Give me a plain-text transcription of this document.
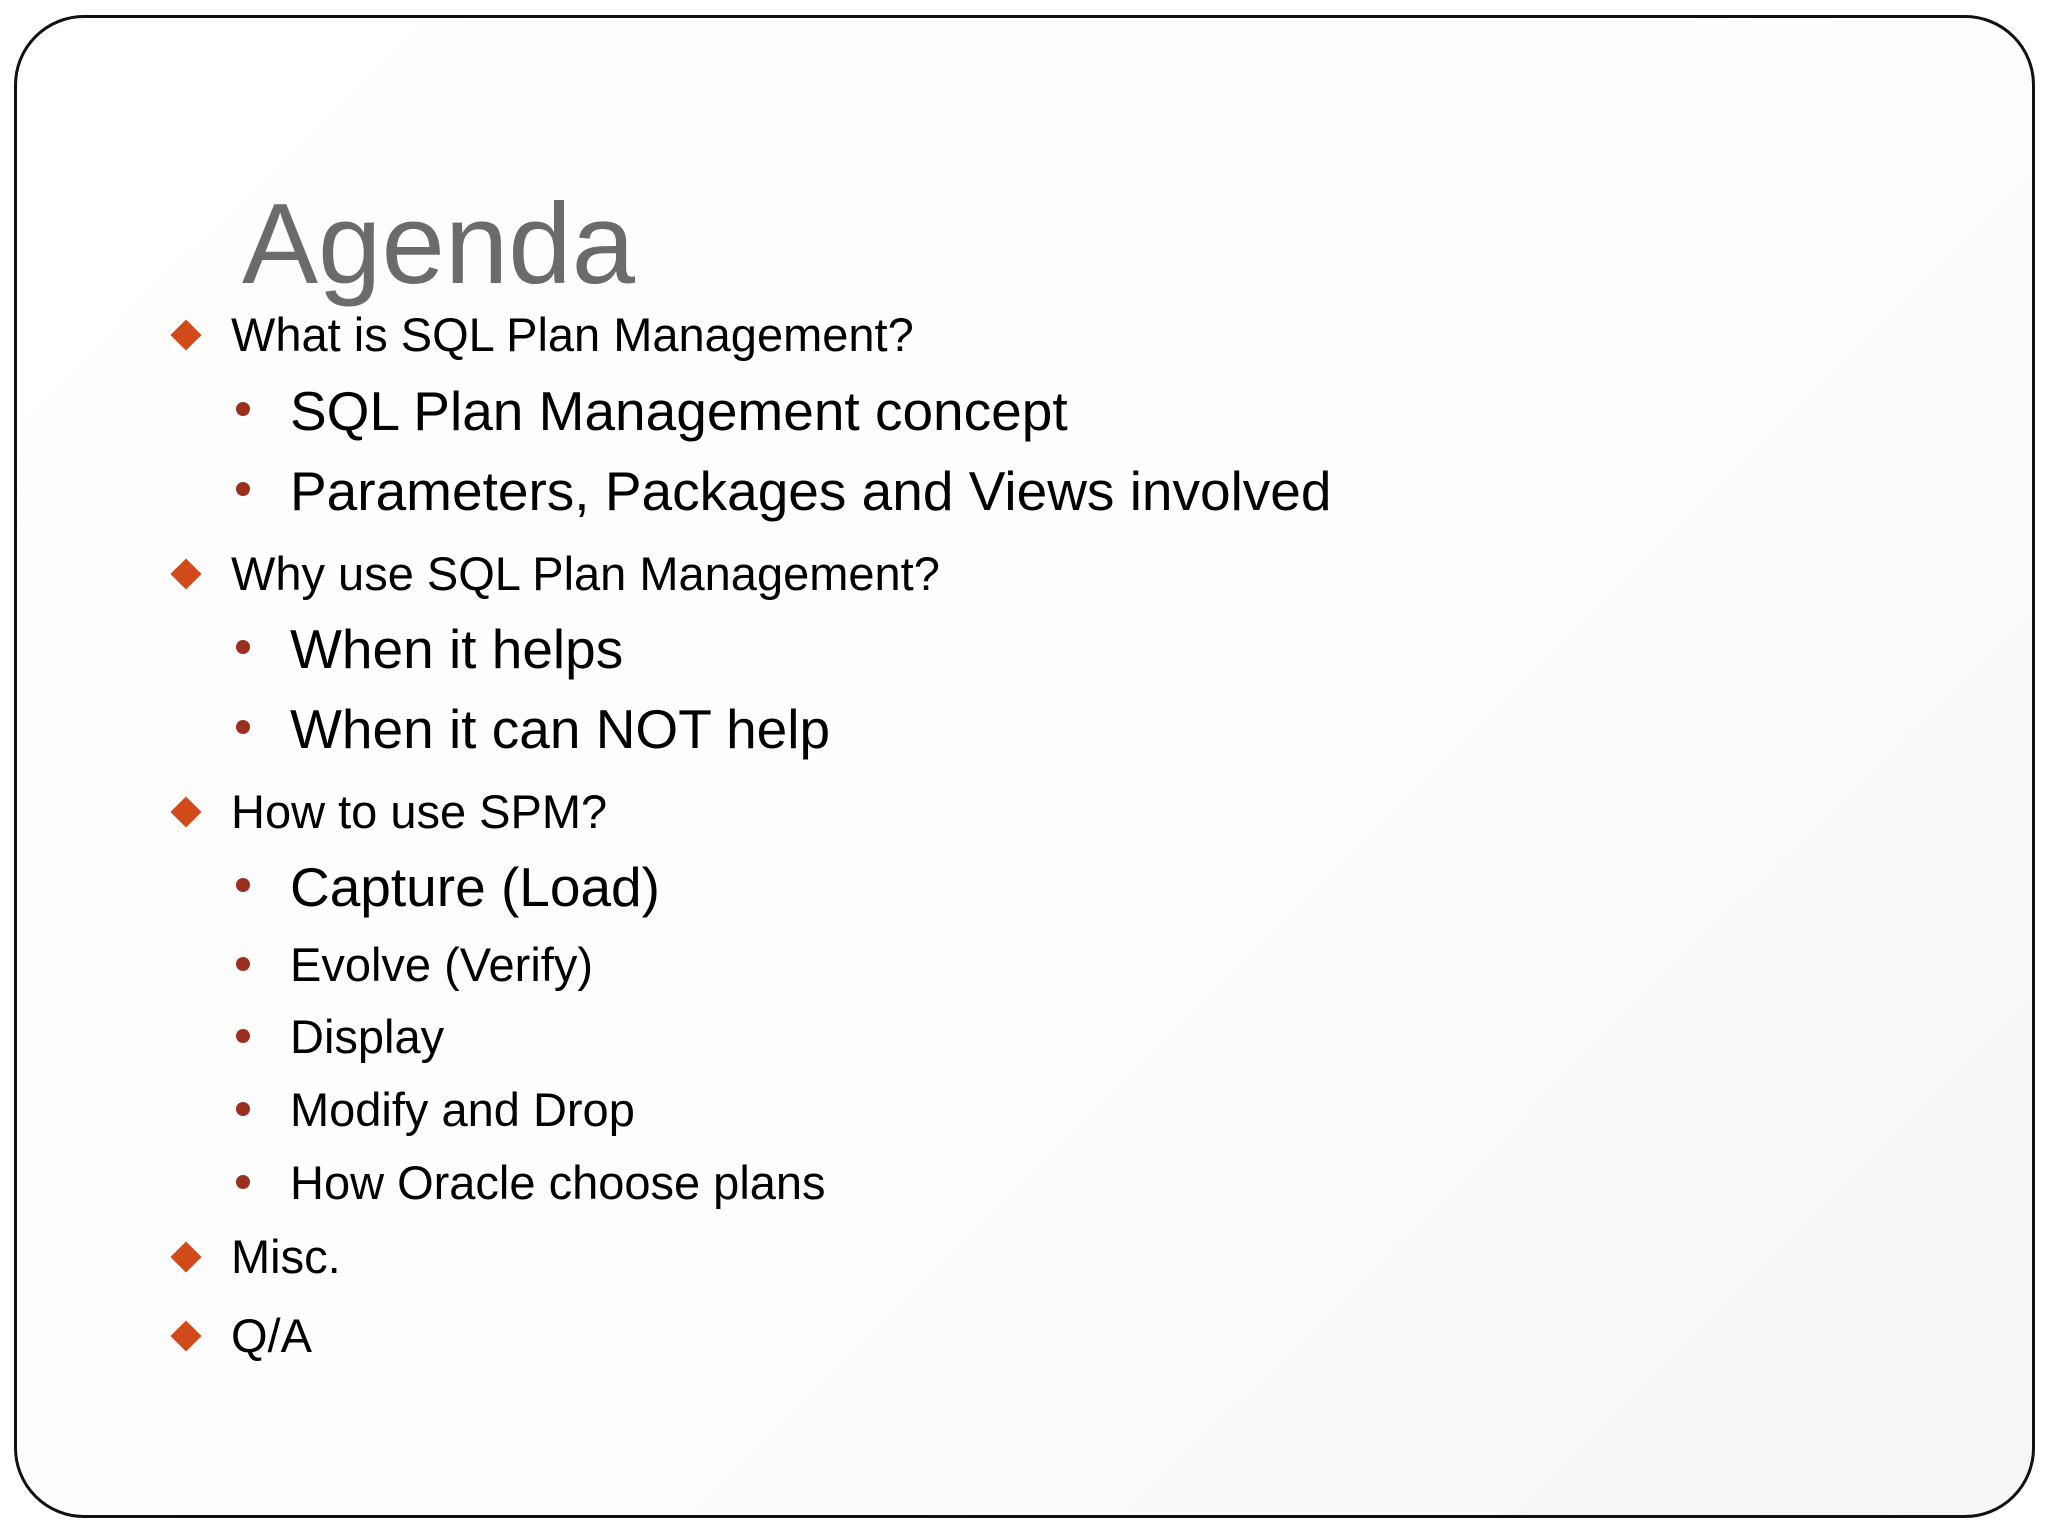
Agenda
What is SQL Plan Management?
SQL Plan Management concept
Parameters, Packages and Views involved
Why use SQL Plan Management?
When it helps
When it can NOT help
How to use SPM?
Capture (Load)
Evolve (Verify)
Display
Modify and Drop
How Oracle choose plans
Misc.
Q/A
